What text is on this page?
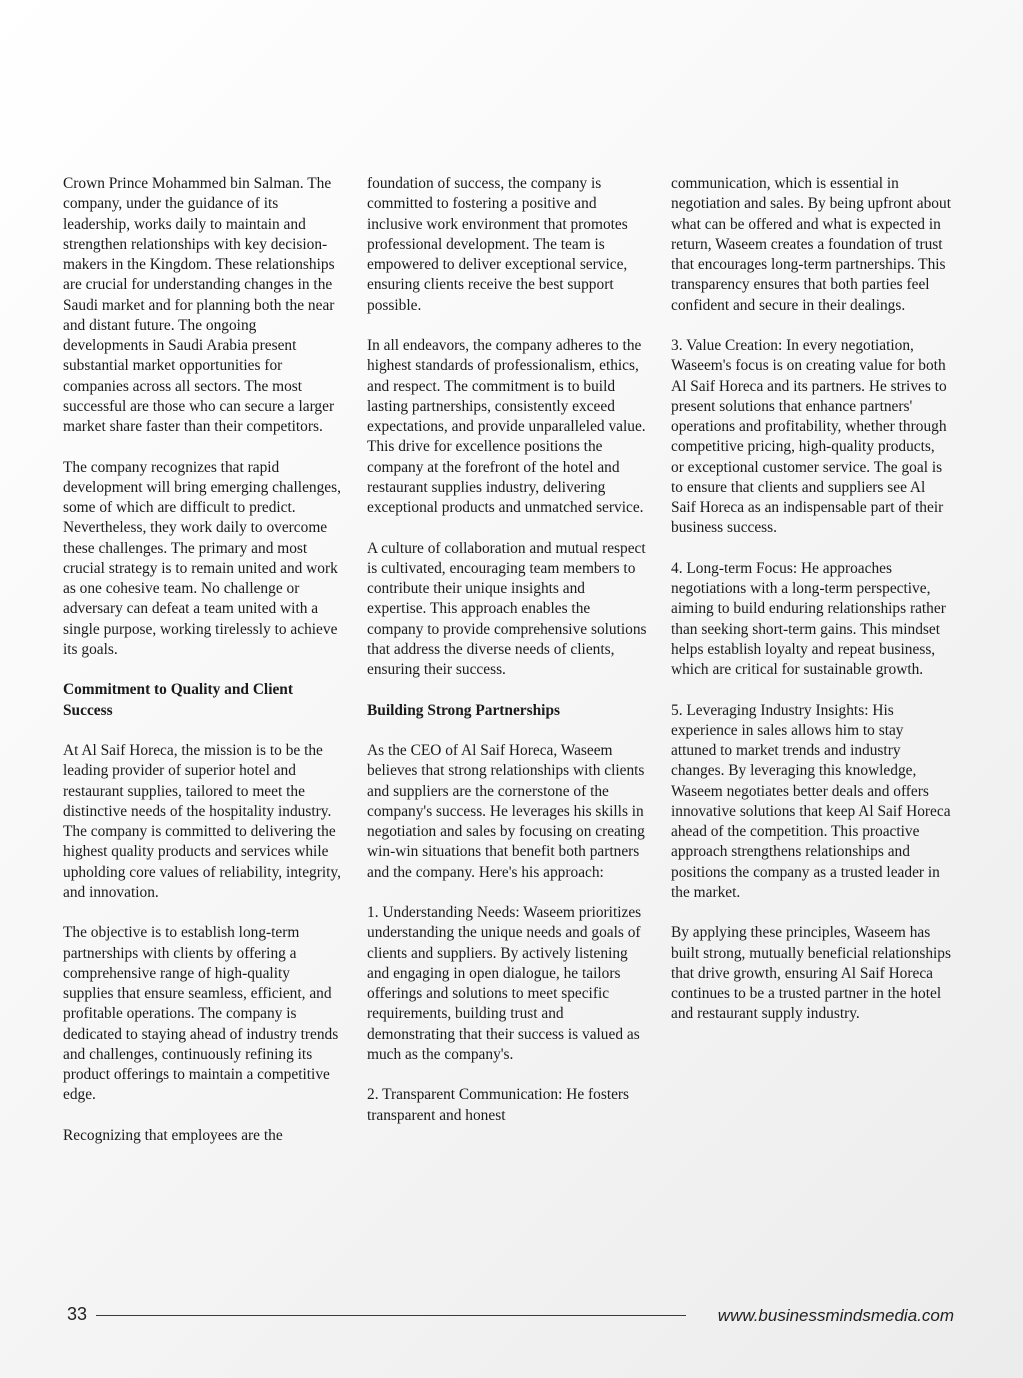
Crown Prince Mohammed bin Salman. The company, under the guidance of its leadership, works daily to maintain and strengthen relationships with key decision-makers in the Kingdom. These relationships are crucial for understanding changes in the Saudi market and for planning both the near and distant future. The ongoing developments in Saudi Arabia present substantial market opportunities for companies across all sectors. The most successful are those who can secure a larger market share faster than their competitors.

The company recognizes that rapid development will bring emerging challenges, some of which are difficult to predict. Nevertheless, they work daily to overcome these challenges. The primary and most crucial strategy is to remain united and work as one cohesive team. No challenge or adversary can defeat a team united with a single purpose, working tirelessly to achieve its goals.

Commitment to Quality and Client Success

At Al Saif Horeca, the mission is to be the leading provider of superior hotel and restaurant supplies, tailored to meet the distinctive needs of the hospitality industry. The company is committed to delivering the highest quality products and services while upholding core values of reliability, integrity, and innovation.

The objective is to establish long-term partnerships with clients by offering a comprehensive range of high-quality supplies that ensure seamless, efficient, and profitable operations. The company is dedicated to staying ahead of industry trends and challenges, continuously refining its product offerings to maintain a competitive edge.

Recognizing that employees are the

foundation of success, the company is committed to fostering a positive and inclusive work environment that promotes professional development. The team is empowered to deliver exceptional service, ensuring clients receive the best support possible.

In all endeavors, the company adheres to the highest standards of professionalism, ethics, and respect. The commitment is to build lasting partnerships, consistently exceed expectations, and provide unparalleled value. This drive for excellence positions the company at the forefront of the hotel and restaurant supplies industry, delivering exceptional products and unmatched service.

A culture of collaboration and mutual respect is cultivated, encouraging team members to contribute their unique insights and expertise. This approach enables the company to provide comprehensive solutions that address the diverse needs of clients, ensuring their success.

Building Strong Partnerships

As the CEO of Al Saif Horeca, Waseem believes that strong relationships with clients and suppliers are the cornerstone of the company's success. He leverages his skills in negotiation and sales by focusing on creating win-win situations that benefit both partners and the company. Here's his approach:

1. Understanding Needs: Waseem prioritizes understanding the unique needs and goals of clients and suppliers. By actively listening and engaging in open dialogue, he tailors offerings and solutions to meet specific requirements, building trust and demonstrating that their success is valued as much as the company's.

2. Transparent Communication: He fosters transparent and honest

communication, which is essential in negotiation and sales. By being upfront about what can be offered and what is expected in return, Waseem creates a foundation of trust that encourages long-term partnerships. This transparency ensures that both parties feel confident and secure in their dealings.

3. Value Creation: In every negotiation, Waseem's focus is on creating value for both Al Saif Horeca and its partners. He strives to present solutions that enhance partners' operations and profitability, whether through competitive pricing, high-quality products, or exceptional customer service. The goal is to ensure that clients and suppliers see Al Saif Horeca as an indispensable part of their business success.

4. Long-term Focus: He approaches negotiations with a long-term perspective, aiming to build enduring relationships rather than seeking short-term gains. This mindset helps establish loyalty and repeat business, which are critical for sustainable growth.

5. Leveraging Industry Insights: His experience in sales allows him to stay attuned to market trends and industry changes. By leveraging this knowledge, Waseem negotiates better deals and offers innovative solutions that keep Al Saif Horeca ahead of the competition. This proactive approach strengthens relationships and positions the company as a trusted leader in the market.

By applying these principles, Waseem has built strong, mutually beneficial relationships that drive growth, ensuring Al Saif Horeca continues to be a trusted partner in the hotel and restaurant supply industry.

33	www.businessmindsmedia.com
